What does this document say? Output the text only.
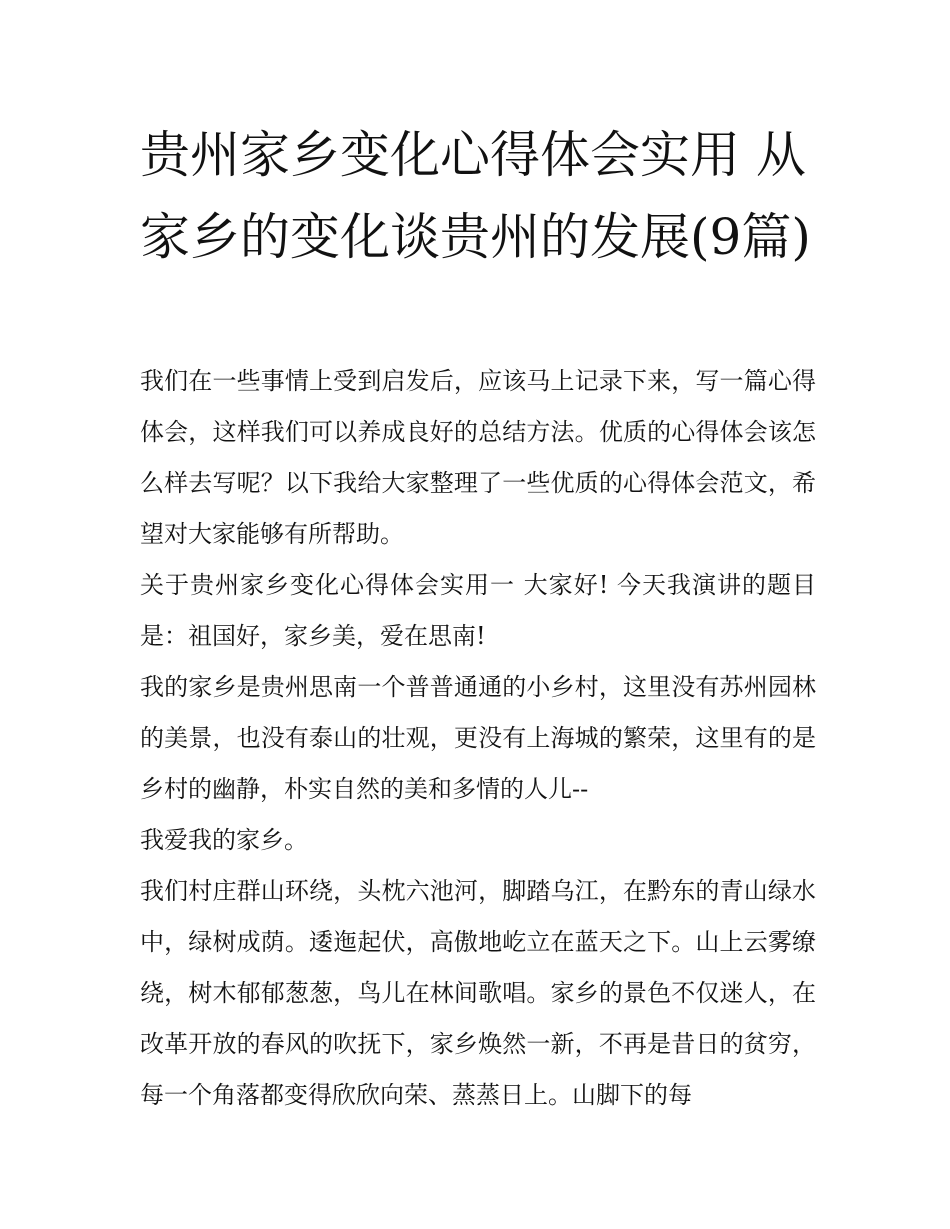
贵州家乡变化心得体会实用 从家乡的变化谈贵州的发展(9篇)

我们在一些事情上受到启发后，应该马上记录下来，写一篇心得体会，这样我们可以养成良好的总结方法。优质的心得体会该怎么样去写呢？以下我给大家整理了一些优质的心得体会范文，希望对大家能够有所帮助。

关于贵州家乡变化心得体会实用一 大家好! 今天我演讲的题目是：祖国好，家乡美，爱在思南!

我的家乡是贵州思南一个普普通通的小乡村，这里没有苏州园林的美景，也没有泰山的壮观，更没有上海城的繁荣，这里有的是乡村的幽静，朴实自然的美和多情的人儿--

我爱我的家乡。

我们村庄群山环绕，头枕六池河，脚踏乌江，在黔东的青山绿水中，绿树成荫。逶迤起伏，高傲地屹立在蓝天之下。山上云雾缭绕，树木郁郁葱葱，鸟儿在林间歌唱。家乡的景色不仅迷人，在改革开放的春风的吹抚下，家乡焕然一新，不再是昔日的贫穷，每一个角落都变得欣欣向荣、蒸蒸日上。山脚下的每
